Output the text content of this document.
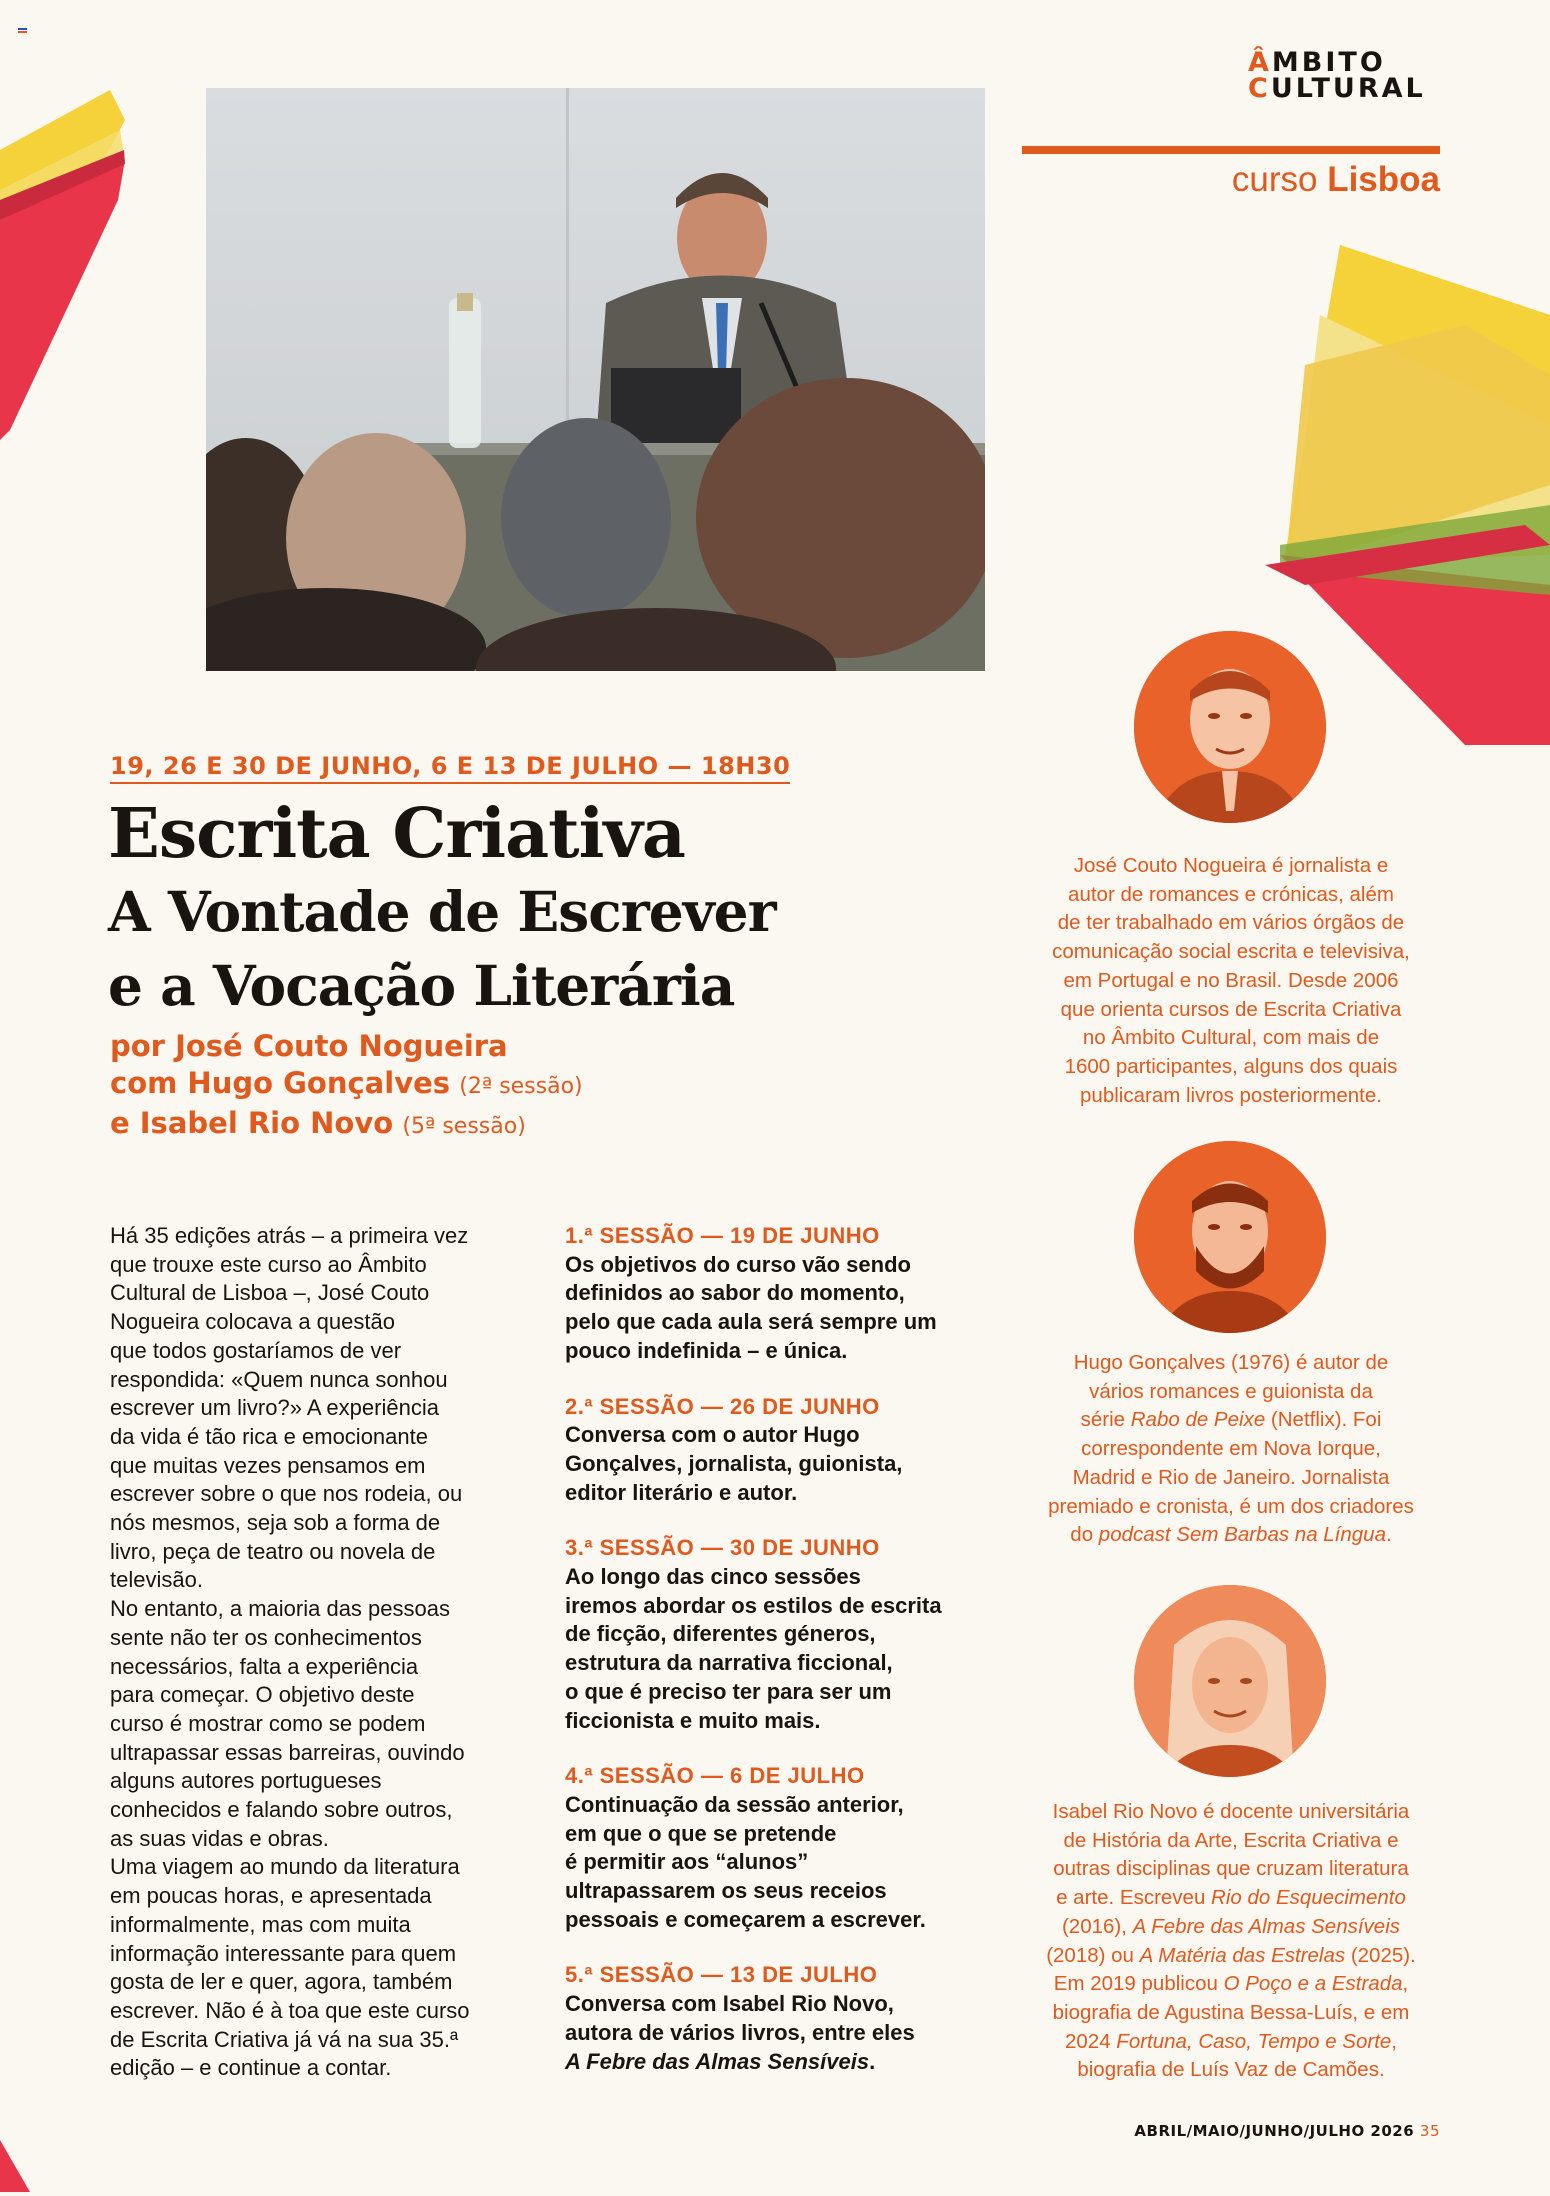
ÂMBITO
CULTURAL
curso Lisboa
19, 26 E 30 DE JUNHO, 6 E 13 DE JULHO — 18H30
Escrita Criativa
A Vontade de Escrever
e a Vocação Literária
por José Couto Nogueira
com Hugo Gonçalves (2ª sessão)
e Isabel Rio Novo (5ª sessão)

Há 35 edições atrás – a primeira vez

que trouxe este curso ao Âmbito

Cultural de Lisboa –, José Couto

Nogueira colocava a questão

que todos gostaríamos de ver

respondida: «Quem nunca sonhou

escrever um livro?» A experiência

da vida é tão rica e emocionante

que muitas vezes pensamos em

escrever sobre o que nos rodeia, ou

nós mesmos, seja sob a forma de

livro, peça de teatro ou novela de

televisão.

No entanto, a maioria das pessoas

sente não ter os conhecimentos

necessários, falta a experiência

para começar. O objetivo deste

curso é mostrar como se podem

ultrapassar essas barreiras, ouvindo

alguns autores portugueses

conhecidos e falando sobre outros,

as suas vidas e obras.

Uma viagem ao mundo da literatura

em poucas horas, e apresentada

informalmente, mas com muita

informação interessante para quem

gosta de ler e quer, agora, também

escrever. Não é à toa que este curso

de Escrita Criativa já vá na sua 35.ª

edição – e continue a contar.

1.ª SESSÃO — 19 DE JUNHO

Os objetivos do curso vão sendo

definidos ao sabor do momento,

pelo que cada aula será sempre um

pouco indefinida – e única.

2.ª SESSÃO — 26 DE JUNHO

Conversa com o autor Hugo

Gonçalves, jornalista, guionista,

editor literário e autor.

3.ª SESSÃO — 30 DE JUNHO

Ao longo das cinco sessões

iremos abordar os estilos de escrita

de ficção, diferentes géneros,

estrutura da narrativa ficcional,

o que é preciso ter para ser um

ficcionista e muito mais.

4.ª SESSÃO — 6 DE JULHO

Continuação da sessão anterior,

em que o que se pretende

é permitir aos “alunos”

ultrapassarem os seus receios

pessoais e começarem a escrever.

5.ª SESSÃO — 13 DE JULHO

Conversa com Isabel Rio Novo,

autora de vários livros, entre eles

A Febre das Almas Sensíveis.

José Couto Nogueira é jornalista e
autor de romances e crónicas, além
de ter trabalhado em vários órgãos de
comunicação social escrita e televisiva,
em Portugal e no Brasil. Desde 2006
que orienta cursos de Escrita Criativa
no Âmbito Cultural, com mais de
1600 participantes, alguns dos quais
publicaram livros posteriormente.
Hugo Gonçalves (1976) é autor de
vários romances e guionista da
série Rabo de Peixe (Netflix). Foi
correspondente em Nova Iorque,
Madrid e Rio de Janeiro. Jornalista
premiado e cronista, é um dos criadores
do podcast Sem Barbas na Língua.
Isabel Rio Novo é docente universitária
de História da Arte, Escrita Criativa e
outras disciplinas que cruzam literatura
e arte. Escreveu Rio do Esquecimento
(2016), A Febre das Almas Sensíveis
(2018) ou A Matéria das Estrelas (2025).
Em 2019 publicou O Poço e a Estrada,
biografia de Agustina Bessa-Luís, e em
2024 Fortuna, Caso, Tempo e Sorte,
biografia de Luís Vaz de Camões.
ABRIL/MAIO/JUNHO/JULHO 2026 35
